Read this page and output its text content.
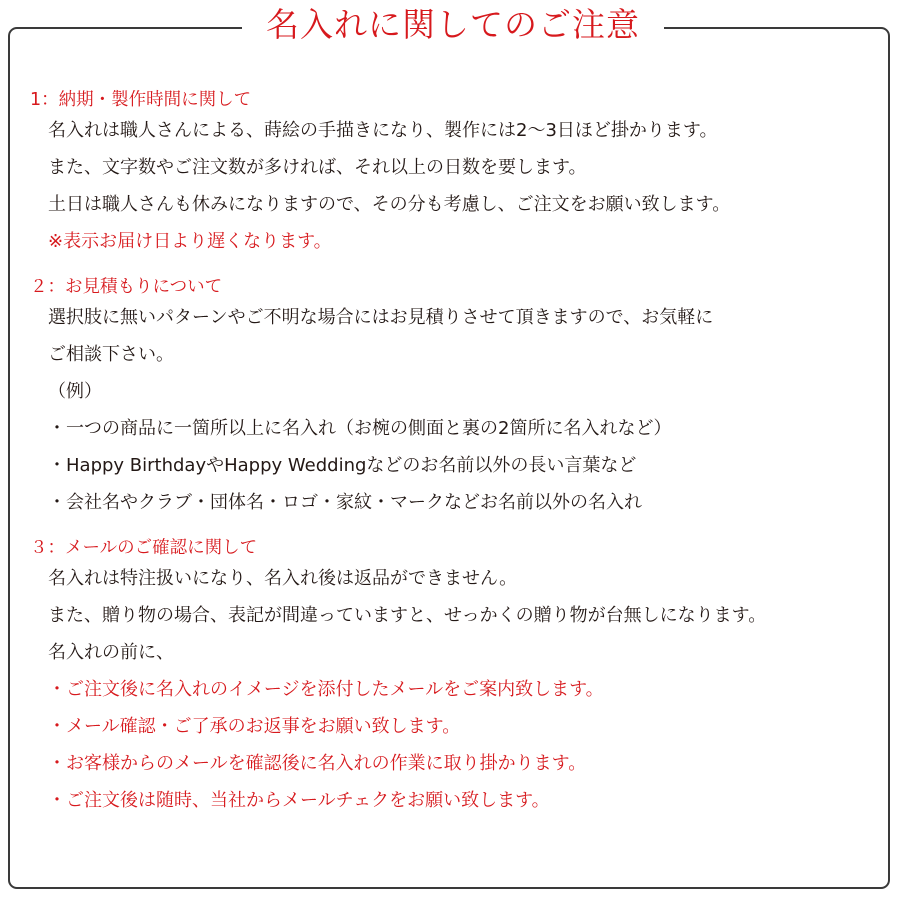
名入れに関してのご注意
1：納期・製作時間に関して
名入れは職人さんによる、蒔絵の手描きになり、製作には2〜3日ほど掛かります。
また、文字数やご注文数が多ければ、それ以上の日数を要します。
土日は職人さんも休みになりますので、その分も考慮し、ご注文をお願い致します。
※表示お届け日より遅くなります。
２：お見積もりについて
選択肢に無いパターンやご不明な場合にはお見積りさせて頂きますので、お気軽に
ご相談下さい。
（例）
・一つの商品に一箇所以上に名入れ（お椀の側面と裏の2箇所に名入れなど）
・Happy BirthdayやHappy Weddingなどのお名前以外の長い言葉など
・会社名やクラブ・団体名・ロゴ・家紋・マークなどお名前以外の名入れ
３：メールのご確認に関して
名入れは特注扱いになり、名入れ後は返品ができません。
また、贈り物の場合、表記が間違っていますと、せっかくの贈り物が台無しになります。
名入れの前に、
・ご注文後に名入れのイメージを添付したメールをご案内致します。
・メール確認・ご了承のお返事をお願い致します。
・お客様からのメールを確認後に名入れの作業に取り掛かります。
・ご注文後は随時、当社からメールチェクをお願い致します。
